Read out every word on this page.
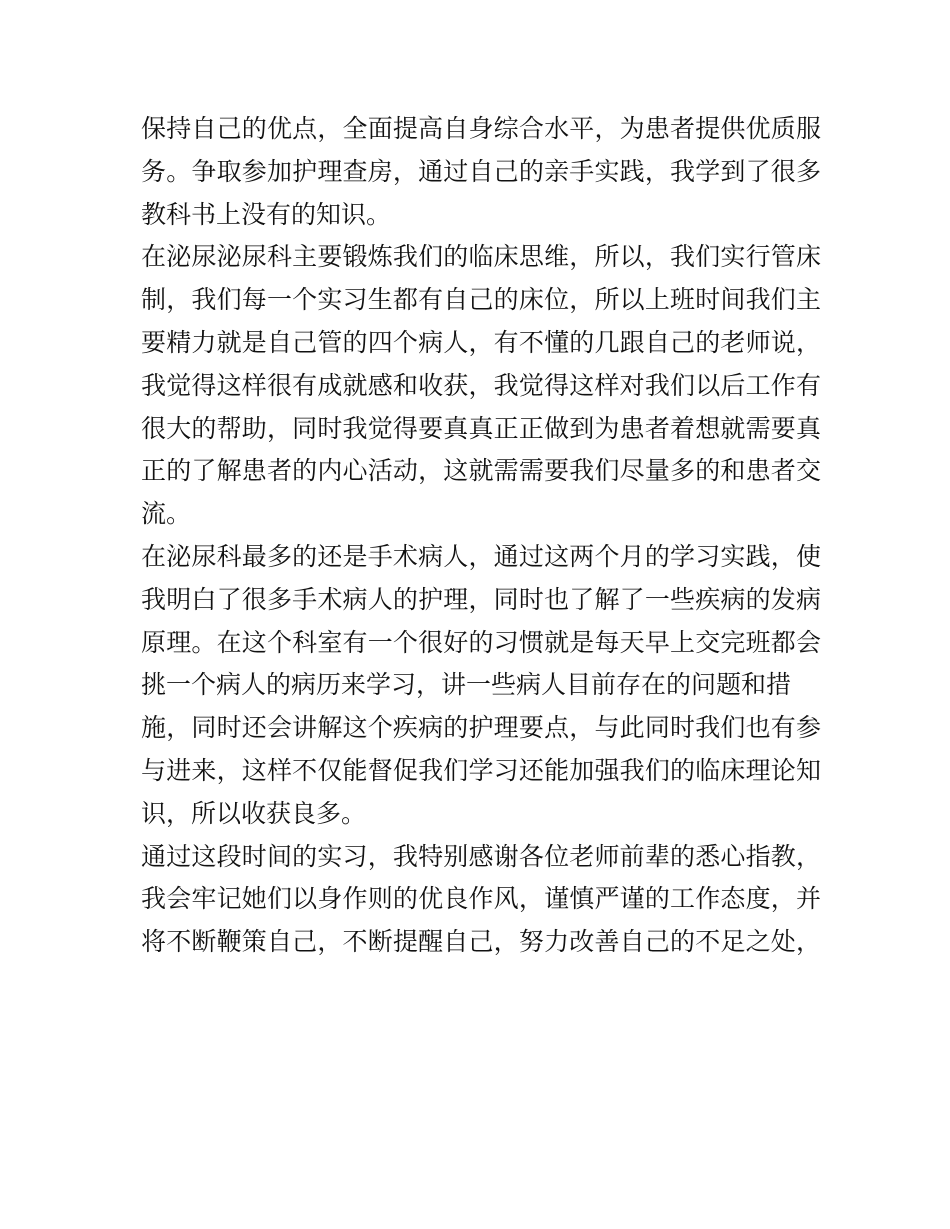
保持自己的优点，全面提高自身综合水平，为患者提供优质服
务。争取参加护理查房，通过自己的亲手实践，我学到了很多
教科书上没有的知识。
在泌尿泌尿科主要锻炼我们的临床思维，所以，我们实行管床
制，我们每一个实习生都有自己的床位，所以上班时间我们主
要精力就是自己管的四个病人，有不懂的几跟自己的老师说，
我觉得这样很有成就感和收获，我觉得这样对我们以后工作有
很大的帮助，同时我觉得要真真正正做到为患者着想就需要真
正的了解患者的内心活动，这就需需要我们尽量多的和患者交
流。
在泌尿科最多的还是手术病人，通过这两个月的学习实践，使
我明白了很多手术病人的护理，同时也了解了一些疾病的发病
原理。在这个科室有一个很好的习惯就是每天早上交完班都会
挑一个病人的病历来学习，讲一些病人目前存在的问题和措
施，同时还会讲解这个疾病的护理要点，与此同时我们也有参
与进来，这样不仅能督促我们学习还能加强我们的临床理论知
识，所以收获良多。
通过这段时间的实习，我特别感谢各位老师前辈的悉心指教，
我会牢记她们以身作则的优良作风，谨慎严谨的工作态度，并
将不断鞭策自己，不断提醒自己，努力改善自己的不足之处，
